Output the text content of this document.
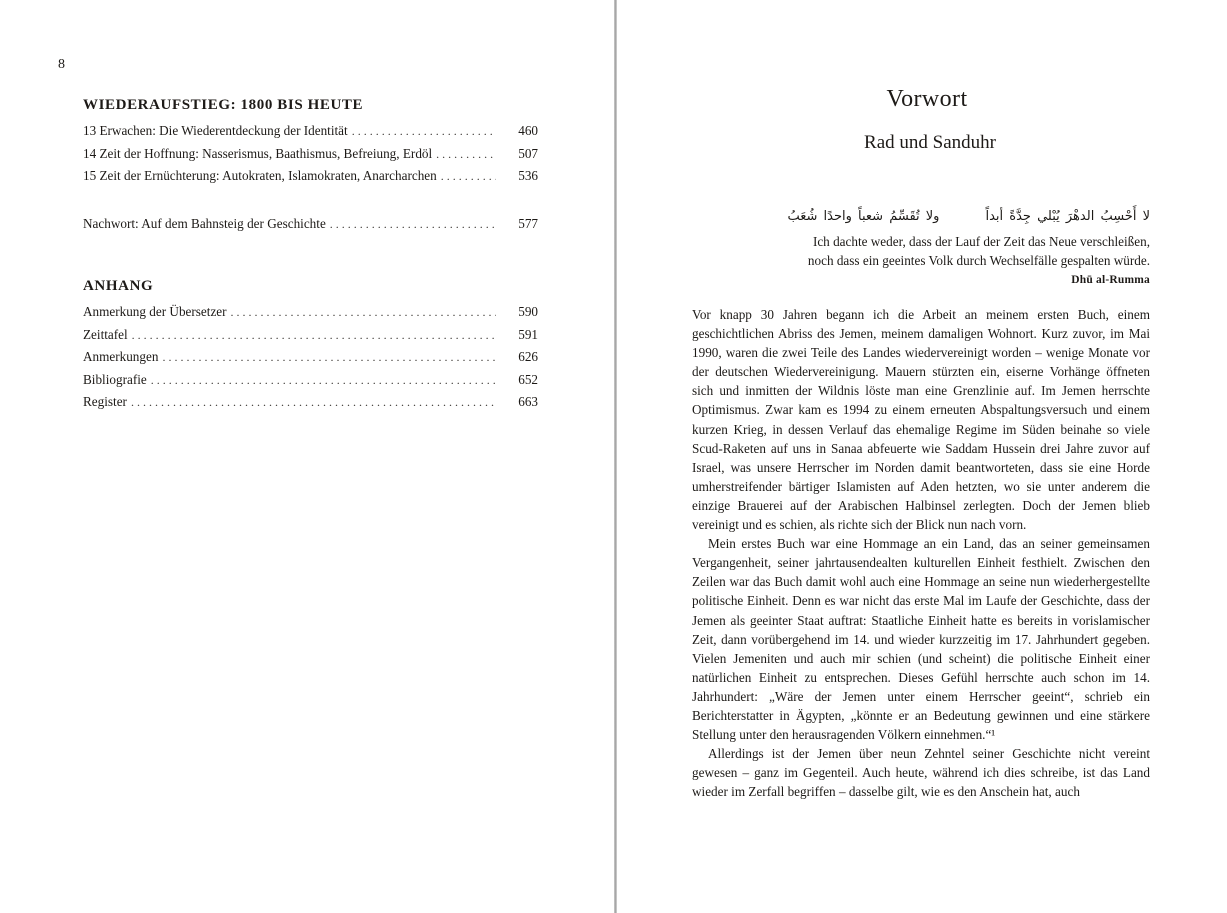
8
WIEDERAUFSTIEG: 1800 BIS HEUTE
13 Erwachen: Die Wiederentdeckung der Identität . . .	460
14 Zeit der Hoffnung: Nasserismus, Baathismus, Befreiung, Erdöl . . .	507
15 Zeit der Ernüchterung: Autokraten, Islamokraten, Anarcharchen . . .	536
Nachwort: Auf dem Bahnsteig der Geschichte . . .	577
ANHANG
Anmerkung der Übersetzer . . .	590
Zeittafel . . .	591
Anmerkungen . . .	626
Bibliografie . . .	652
Register . . .	663
Vorwort
Rad und Sanduhr
لا أَحْسِبُ الدهْرَ يُبْلي جِدَّةً أبداًولا تُقَسِّمُ شعباً واحدًا شُعَبُ
Ich dachte weder, dass der Lauf der Zeit das Neue verschleißen,
noch dass ein geeintes Volk durch Wechselfälle gespalten würde.
Dhū al-Rumma

Vor knapp 30 Jahren begann ich die Arbeit an meinem ersten Buch, einem geschichtlichen Abriss des Jemen, meinem damaligen Wohnort. Kurz zuvor, im Mai 1990, waren die zwei Teile des Landes wiedervereinigt worden – wenige Monate vor der deutschen Wiedervereinigung. Mauern stürzten ein, eiserne Vorhänge öffneten sich und inmitten der Wildnis löste man eine Grenzlinie auf. Im Jemen herrschte Optimismus. Zwar kam es 1994 zu einem erneuten Abspaltungsversuch und einem kurzen Krieg, in dessen Verlauf das ehemalige Regime im Süden beinahe so viele Scud-Raketen auf uns in Sanaa abfeuerte wie Saddam Hussein drei Jahre zuvor auf Israel, was unsere Herrscher im Norden damit beantworteten, dass sie eine Horde umherstreifender bärtiger Islamisten auf Aden hetzten, wo sie unter anderem die einzige Brauerei auf der Arabischen Halbinsel zerlegten. Doch der Jemen blieb vereinigt und es schien, als richte sich der Blick nun nach vorn.

Mein erstes Buch war eine Hommage an ein Land, das an seiner gemeinsamen Vergangenheit, seiner jahrtausendealten kulturellen Einheit festhielt. Zwischen den Zeilen war das Buch damit wohl auch eine Hommage an seine nun wiederhergestellte politische Einheit. Denn es war nicht das erste Mal im Laufe der Geschichte, dass der Jemen als geeinter Staat auftrat: Staatliche Einheit hatte es bereits in vorislamischer Zeit, dann vorübergehend im 14. und wieder kurzzeitig im 17. Jahrhundert gegeben. Vielen Jemeniten und auch mir schien (und scheint) die politische Einheit einer natürlichen Einheit zu entsprechen. Dieses Gefühl herrschte auch schon im 14. Jahrhundert: „Wäre der Jemen unter einem Herrscher geeint“, schrieb ein Berichterstatter in Ägypten, „könnte er an Bedeutung gewinnen und eine stärkere Stellung unter den herausragenden Völkern einnehmen.“¹

Allerdings ist der Jemen über neun Zehntel seiner Geschichte nicht vereint gewesen – ganz im Gegenteil. Auch heute, während ich dies schreibe, ist das Land wieder im Zerfall begriffen – dasselbe gilt, wie es den Anschein hat, auch
